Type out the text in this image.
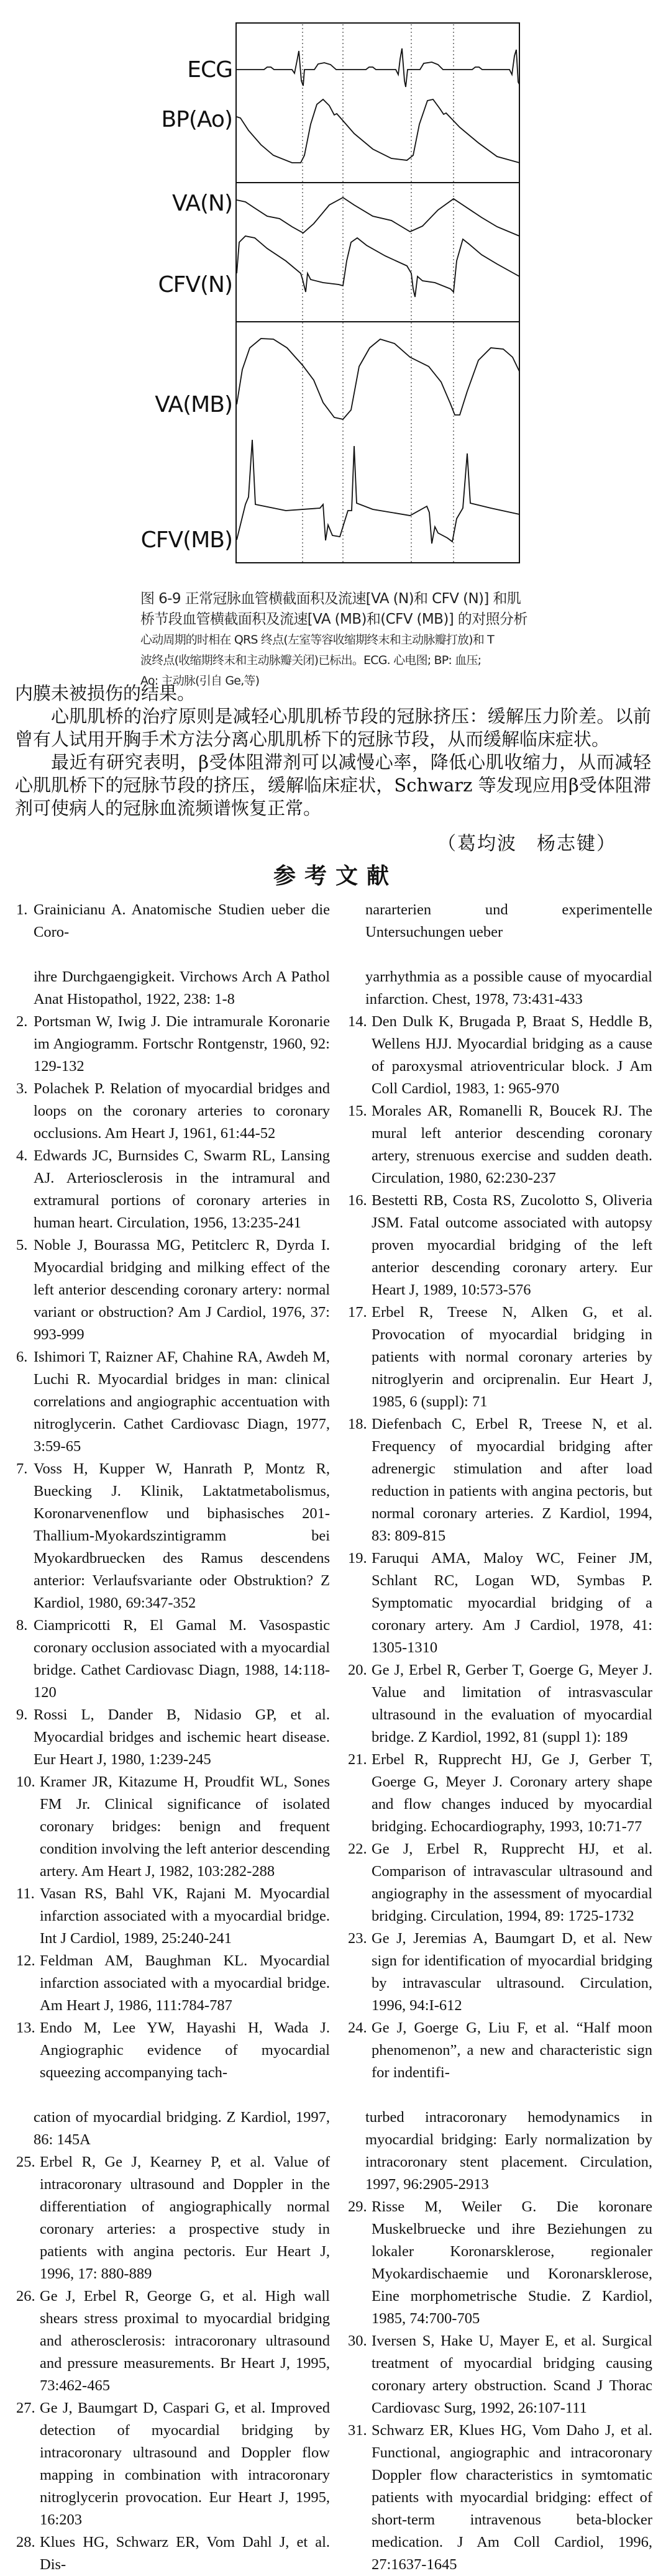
ECG
BP(Ao)
VA(N)
CFV(N)
VA(MB)
CFV(MB)
图 6-9 正常冠脉血管横截面积及流速[VA (N)和 CFV (N)] 和肌
桥节段血管横截面积及流速[VA (MB)和(CFV (MB)] 的对照分析
心动周期的时相在 QRS 终点(左室等容收缩期终末和主动脉瓣打放)和 T
波终点(收缩期终末和主动脉瓣关闭)已标出。ECG. 心电图; BP: 血压;
Ao: 主动脉(引自 Ge,等)

内膜未被损伤的结果。

心肌肌桥的治疗原则是减轻心肌肌桥节段的冠脉挤压：缓解压力阶差。以前曾有人试用开胸手术方法分离心肌肌桥下的冠脉节段，从而缓解临床症状。

最近有研究表明，β受体阻滞剂可以减慢心率，降低心肌收缩力，从而减轻心肌肌桥下的冠脉节段的挤压，缓解临床症状，Schwarz 等发现应用β受体阻滞剂可使病人的冠脉血流频谱恢复正常。

（葛均波　杨志键）
参考文献
1. Grainicianu A. Anatomische Studien ueber die Coro-
ihre Durchgaengigkeit. Virchows Arch A Pathol Anat Histopathol, 1922, 238: 1-8
2. Portsman W, Iwig J. Die intramurale Koronarie im Angiogramm. Fortschr Rontgenstr, 1960, 92: 129-132
3. Polachek P. Relation of myocardial bridges and loops on the coronary arteries to coronary occlusions. Am Heart J, 1961, 61:44-52
4. Edwards JC, Burnsides C, Swarm RL, Lansing AJ. Arteriosclerosis in the intramural and extramural portions of coronary arteries in human heart. Circulation, 1956, 13:235-241
5. Noble J, Bourassa MG, Petitclerc R, Dyrda I. Myocardial bridging and milking effect of the left anterior descending coronary artery: normal variant or obstruction? Am J Cardiol, 1976, 37: 993-999
6. Ishimori T, Raizner AF, Chahine RA, Awdeh M, Luchi R. Myocardial bridges in man: clinical correlations and angiographic accentuation with nitroglycerin. Cathet Cardiovasc Diagn, 1977, 3:59-65
7. Voss H, Kupper W, Hanrath P, Montz R, Buecking J. Klinik, Laktatmetabolismus, Koronarvenenflow und biphasisches 201-Thallium-Myokardszintigramm bei Myokardbruecken des Ramus descendens anterior: Verlaufsvariante oder Obstruktion? Z Kardiol, 1980, 69:347-352
8. Ciampricotti R, El Gamal M. Vasospastic coronary occlusion associated with a myocardial bridge. Cathet Cardiovasc Diagn, 1988, 14:118-120
9. Rossi L, Dander B, Nidasio GP, et al. Myocardial bridges and ischemic heart disease. Eur Heart J, 1980, 1:239-245
10. Kramer JR, Kitazume H, Proudfit WL, Sones FM Jr. Clinical significance of isolated coronary bridges: benign and frequent condition involving the left anterior descending artery. Am Heart J, 1982, 103:282-288
11. Vasan RS, Bahl VK, Rajani M. Myocardial infarction associated with a myocardial bridge. Int J Cardiol, 1989, 25:240-241
12. Feldman AM, Baughman KL. Myocardial infarction associated with a myocardial bridge. Am Heart J, 1986, 111:784-787
13. Endo M, Lee YW, Hayashi H, Wada J. Angiographic evidence of myocardial squeezing accompanying tach-
cation of myocardial bridging. Z Kardiol, 1997, 86: 145A
25. Erbel R, Ge J, Kearney P, et al. Value of intracoronary ultrasound and Doppler in the differentiation of angiographically normal coronary arteries: a prospective study in patients with angina pectoris. Eur Heart J, 1996, 17: 880-889
26. Ge J, Erbel R, George G, et al. High wall shears stress proximal to myocardial bridging and atherosclerosis: intracoronary ultrasound and pressure measurements. Br Heart J, 1995, 73:462-465
27. Ge J, Baumgart D, Caspari G, et al. Improved detection of myocardial bridging by intracoronary ultrasound and Doppler flow mapping in combination with intracoronary nitroglycerin provocation. Eur Heart J, 1995, 16:203
28. Klues HG, Schwarz ER, Vom Dahl J, et al. Dis-
nararterien und experimentelle Untersuchungen ueber
yarrhythmia as a possible cause of myocardial infarction. Chest, 1978, 73:431-433
14. Den Dulk K, Brugada P, Braat S, Heddle B, Wellens HJJ. Myocardial bridging as a cause of paroxysmal atrioventricular block. J Am Coll Cardiol, 1983, 1: 965-970
15. Morales AR, Romanelli R, Boucek RJ. The mural left anterior descending coronary artery, strenuous exercise and sudden death. Circulation, 1980, 62:230-237
16. Bestetti RB, Costa RS, Zucolotto S, Oliveria JSM. Fatal outcome associated with autopsy proven myocardial bridging of the left anterior descending coronary artery. Eur Heart J, 1989, 10:573-576
17. Erbel R, Treese N, Alken G, et al. Provocation of myocardial bridging in patients with normal coronary arteries by nitroglyerin and orciprenalin. Eur Heart J, 1985, 6 (suppl): 71
18. Diefenbach C, Erbel R, Treese N, et al. Frequency of myocardial bridging after adrenergic stimulation and after load reduction in patients with angina pectoris, but normal coronary arteries. Z Kardiol, 1994, 83: 809-815
19. Faruqui AMA, Maloy WC, Feiner JM, Schlant RC, Logan WD, Symbas P. Symptomatic myocardial bridging of a coronary artery. Am J Cardiol, 1978, 41: 1305-1310
20. Ge J, Erbel R, Gerber T, Goerge G, Meyer J. Value and limitation of intrasvascular ultrasound in the evaluation of myocardial bridge. Z Kardiol, 1992, 81 (suppl 1): 189
21. Erbel R, Rupprecht HJ, Ge J, Gerber T, Goerge G, Meyer J. Coronary artery shape and flow changes induced by myocardial bridging. Echocardiography, 1993, 10:71-77
22. Ge J, Erbel R, Rupprecht HJ, et al. Comparison of intravascular ultrasound and angiography in the assessment of myocardial bridging. Circulation, 1994, 89: 1725-1732
23. Ge J, Jeremias A, Baumgart D, et al. New sign for identification of myocardial bridging by intravascular ultrasound. Circulation, 1996, 94:I-612
24. Ge J, Goerge G, Liu F, et al. “Half moon phenomenon”, a new and characteristic sign for indentifi-
turbed intracoronary hemodynamics in myocardial bridging: Early normalization by intracoronary stent placement. Circulation, 1997, 96:2905-2913
29. Risse M, Weiler G. Die koronare Muskelbruecke und ihre Beziehungen zu lokaler Koronarsklerose, regionaler Myokardischaemie und Koronarsklerose, Eine morphometrische Studie. Z Kardiol, 1985, 74:700-705
30. Iversen S, Hake U, Mayer E, et al. Surgical treatment of myocardial bridging causing coronary artery obstruction. Scand J Thorac Cardiovasc Surg, 1992, 26:107-111
31. Schwarz ER, Klues HG, Vom Daho J, et al. Functional, angiographic and intracoronary Doppler flow characteristics in symtomatic patients with myocardial bridging: effect of short-term intravenous beta-blocker medication. J Am Coll Cardiol, 1996, 27:1637-1645
